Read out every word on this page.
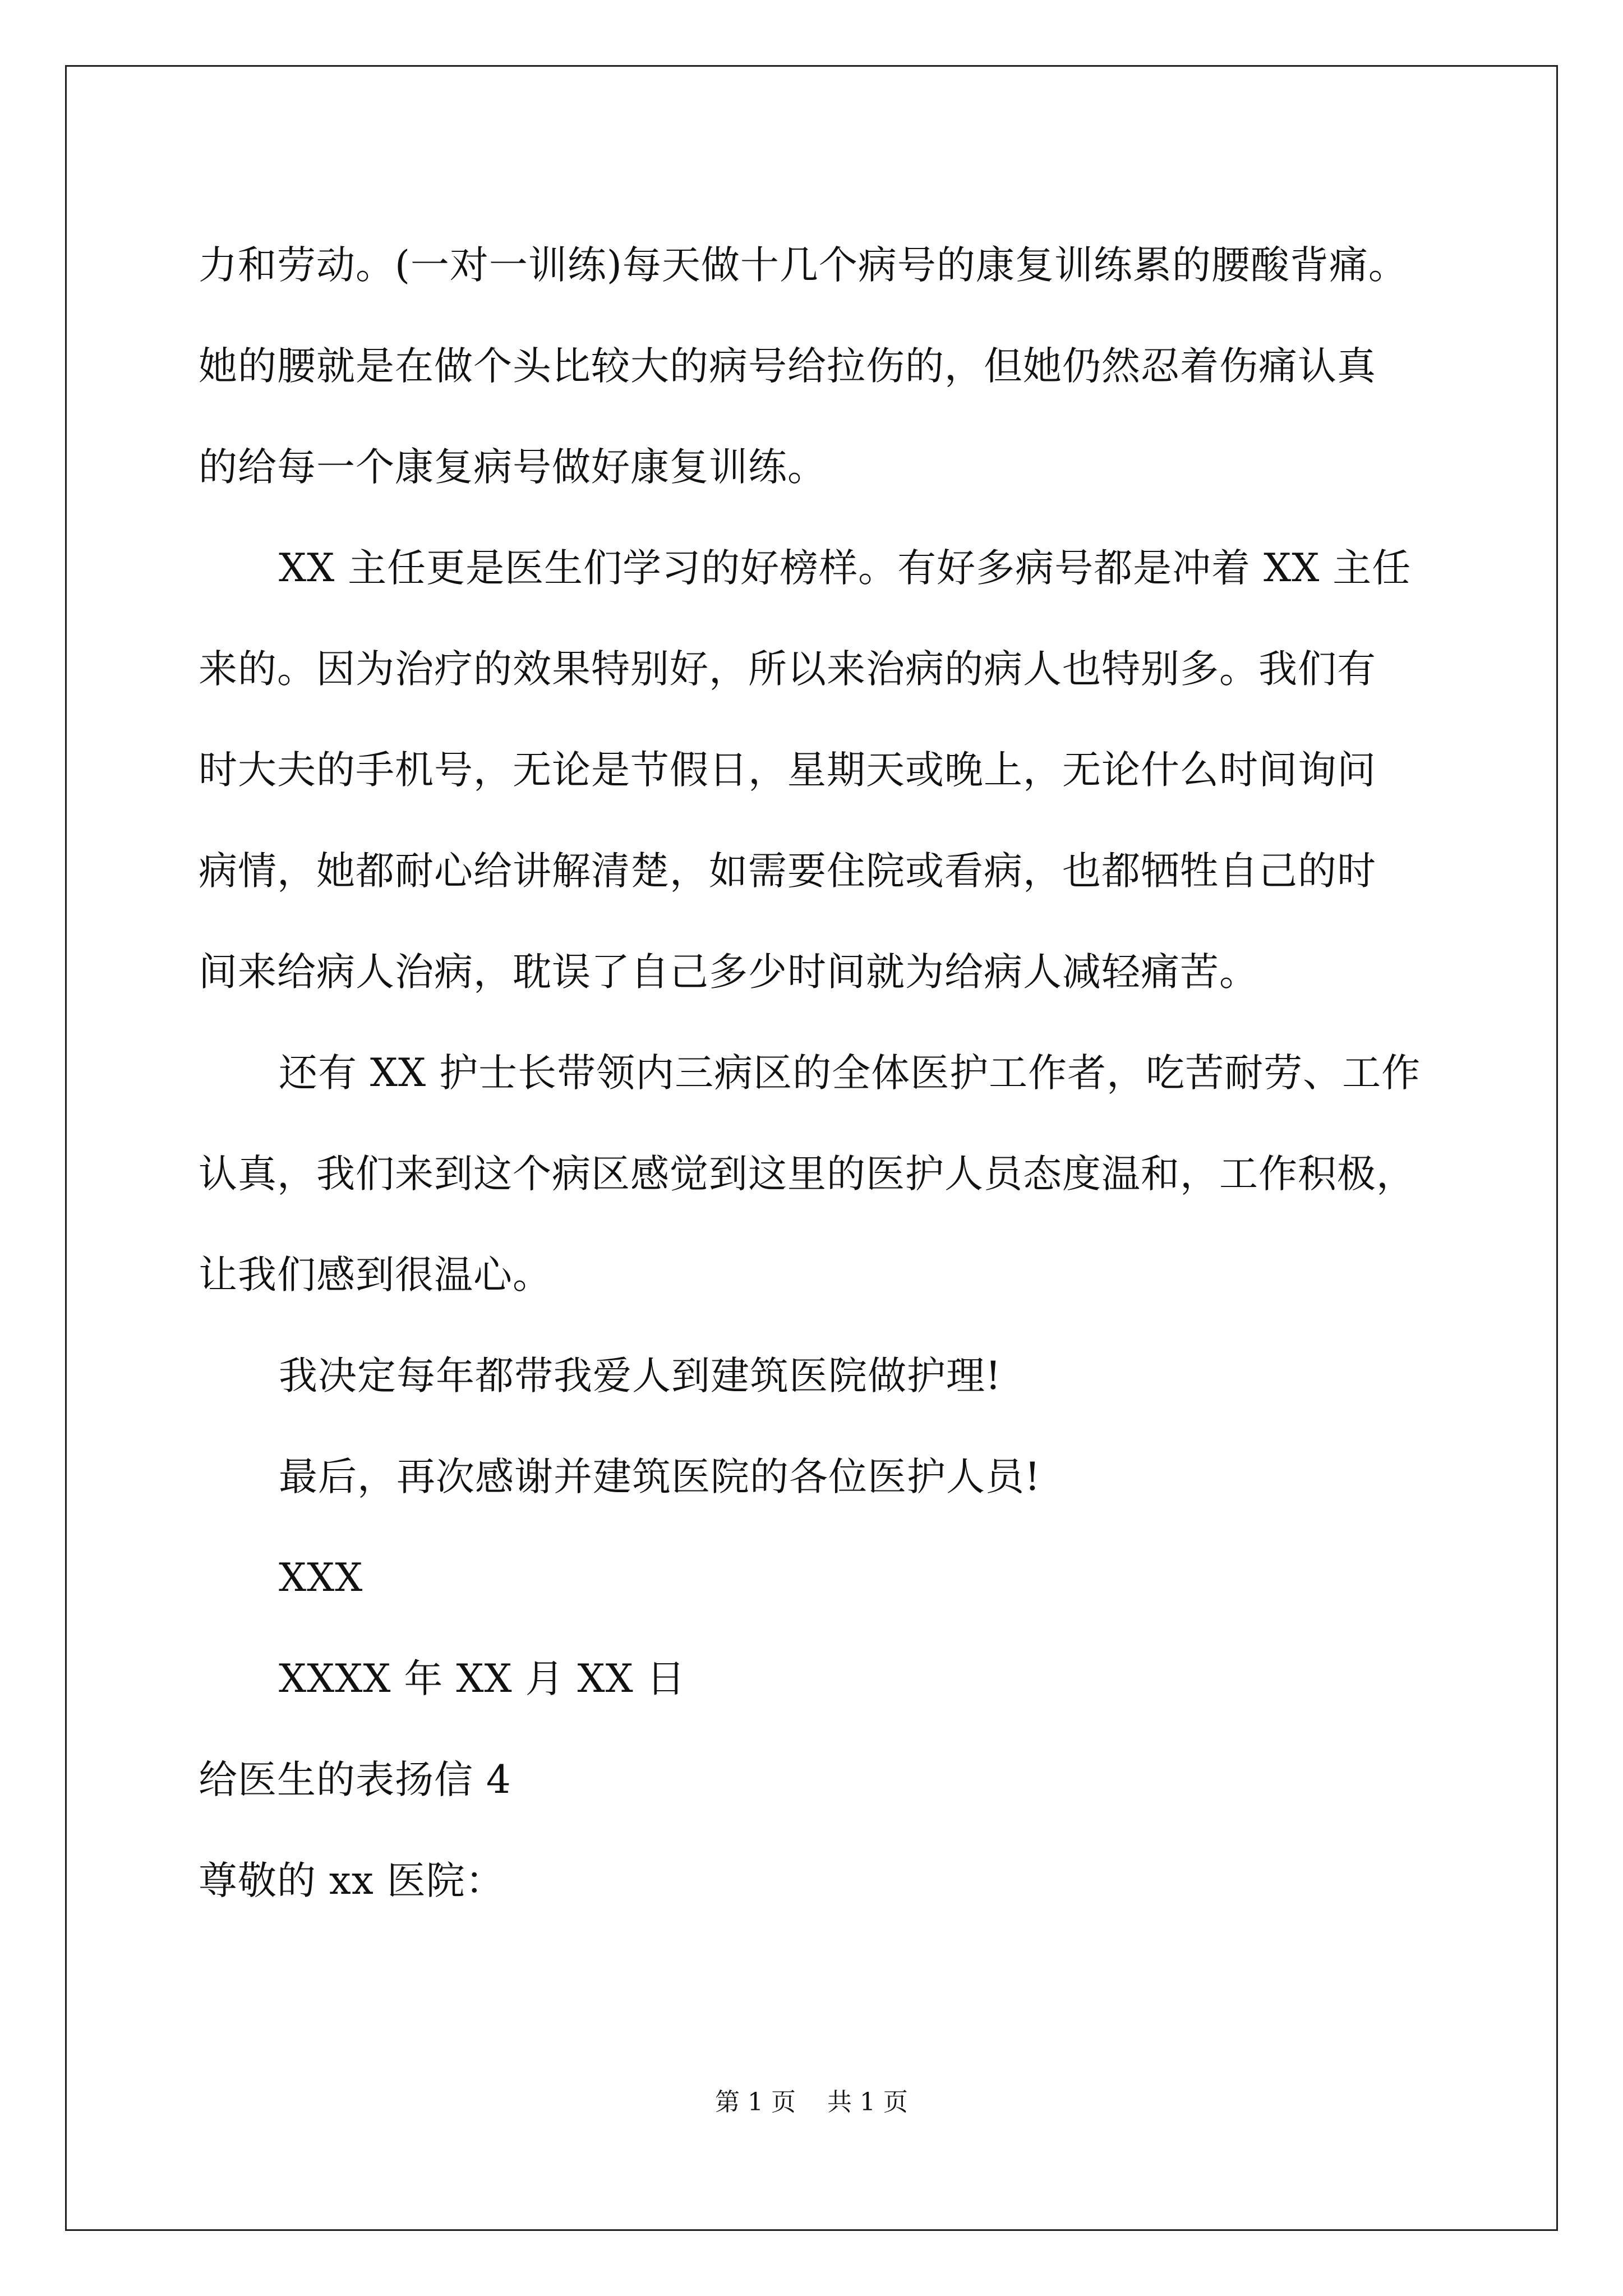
力和劳动。(一对一训练)每天做十几个病号的康复训练累的腰酸背痛。
她的腰就是在做个头比较大的病号给拉伤的，但她仍然忍着伤痛认真
的给每一个康复病号做好康复训练。
XX 主任更是医生们学习的好榜样。有好多病号都是冲着 XX 主任
来的。因为治疗的效果特别好，所以来治病的病人也特别多。我们有
时大夫的手机号，无论是节假日，星期天或晚上，无论什么时间询问
病情，她都耐心给讲解清楚，如需要住院或看病，也都牺牲自己的时
间来给病人治病，耽误了自己多少时间就为给病人减轻痛苦。
还有 XX 护士长带领内三病区的全体医护工作者，吃苦耐劳、工作
认真，我们来到这个病区感觉到这里的医护人员态度温和，工作积极，
让我们感到很温心。
我决定每年都带我爱人到建筑医院做护理!
最后，再次感谢并建筑医院的各位医护人员!
XXX
XXXX 年 XX 月 XX 日
给医生的表扬信 4
尊敬的 xx 医院：
第 1 页    共 1 页
